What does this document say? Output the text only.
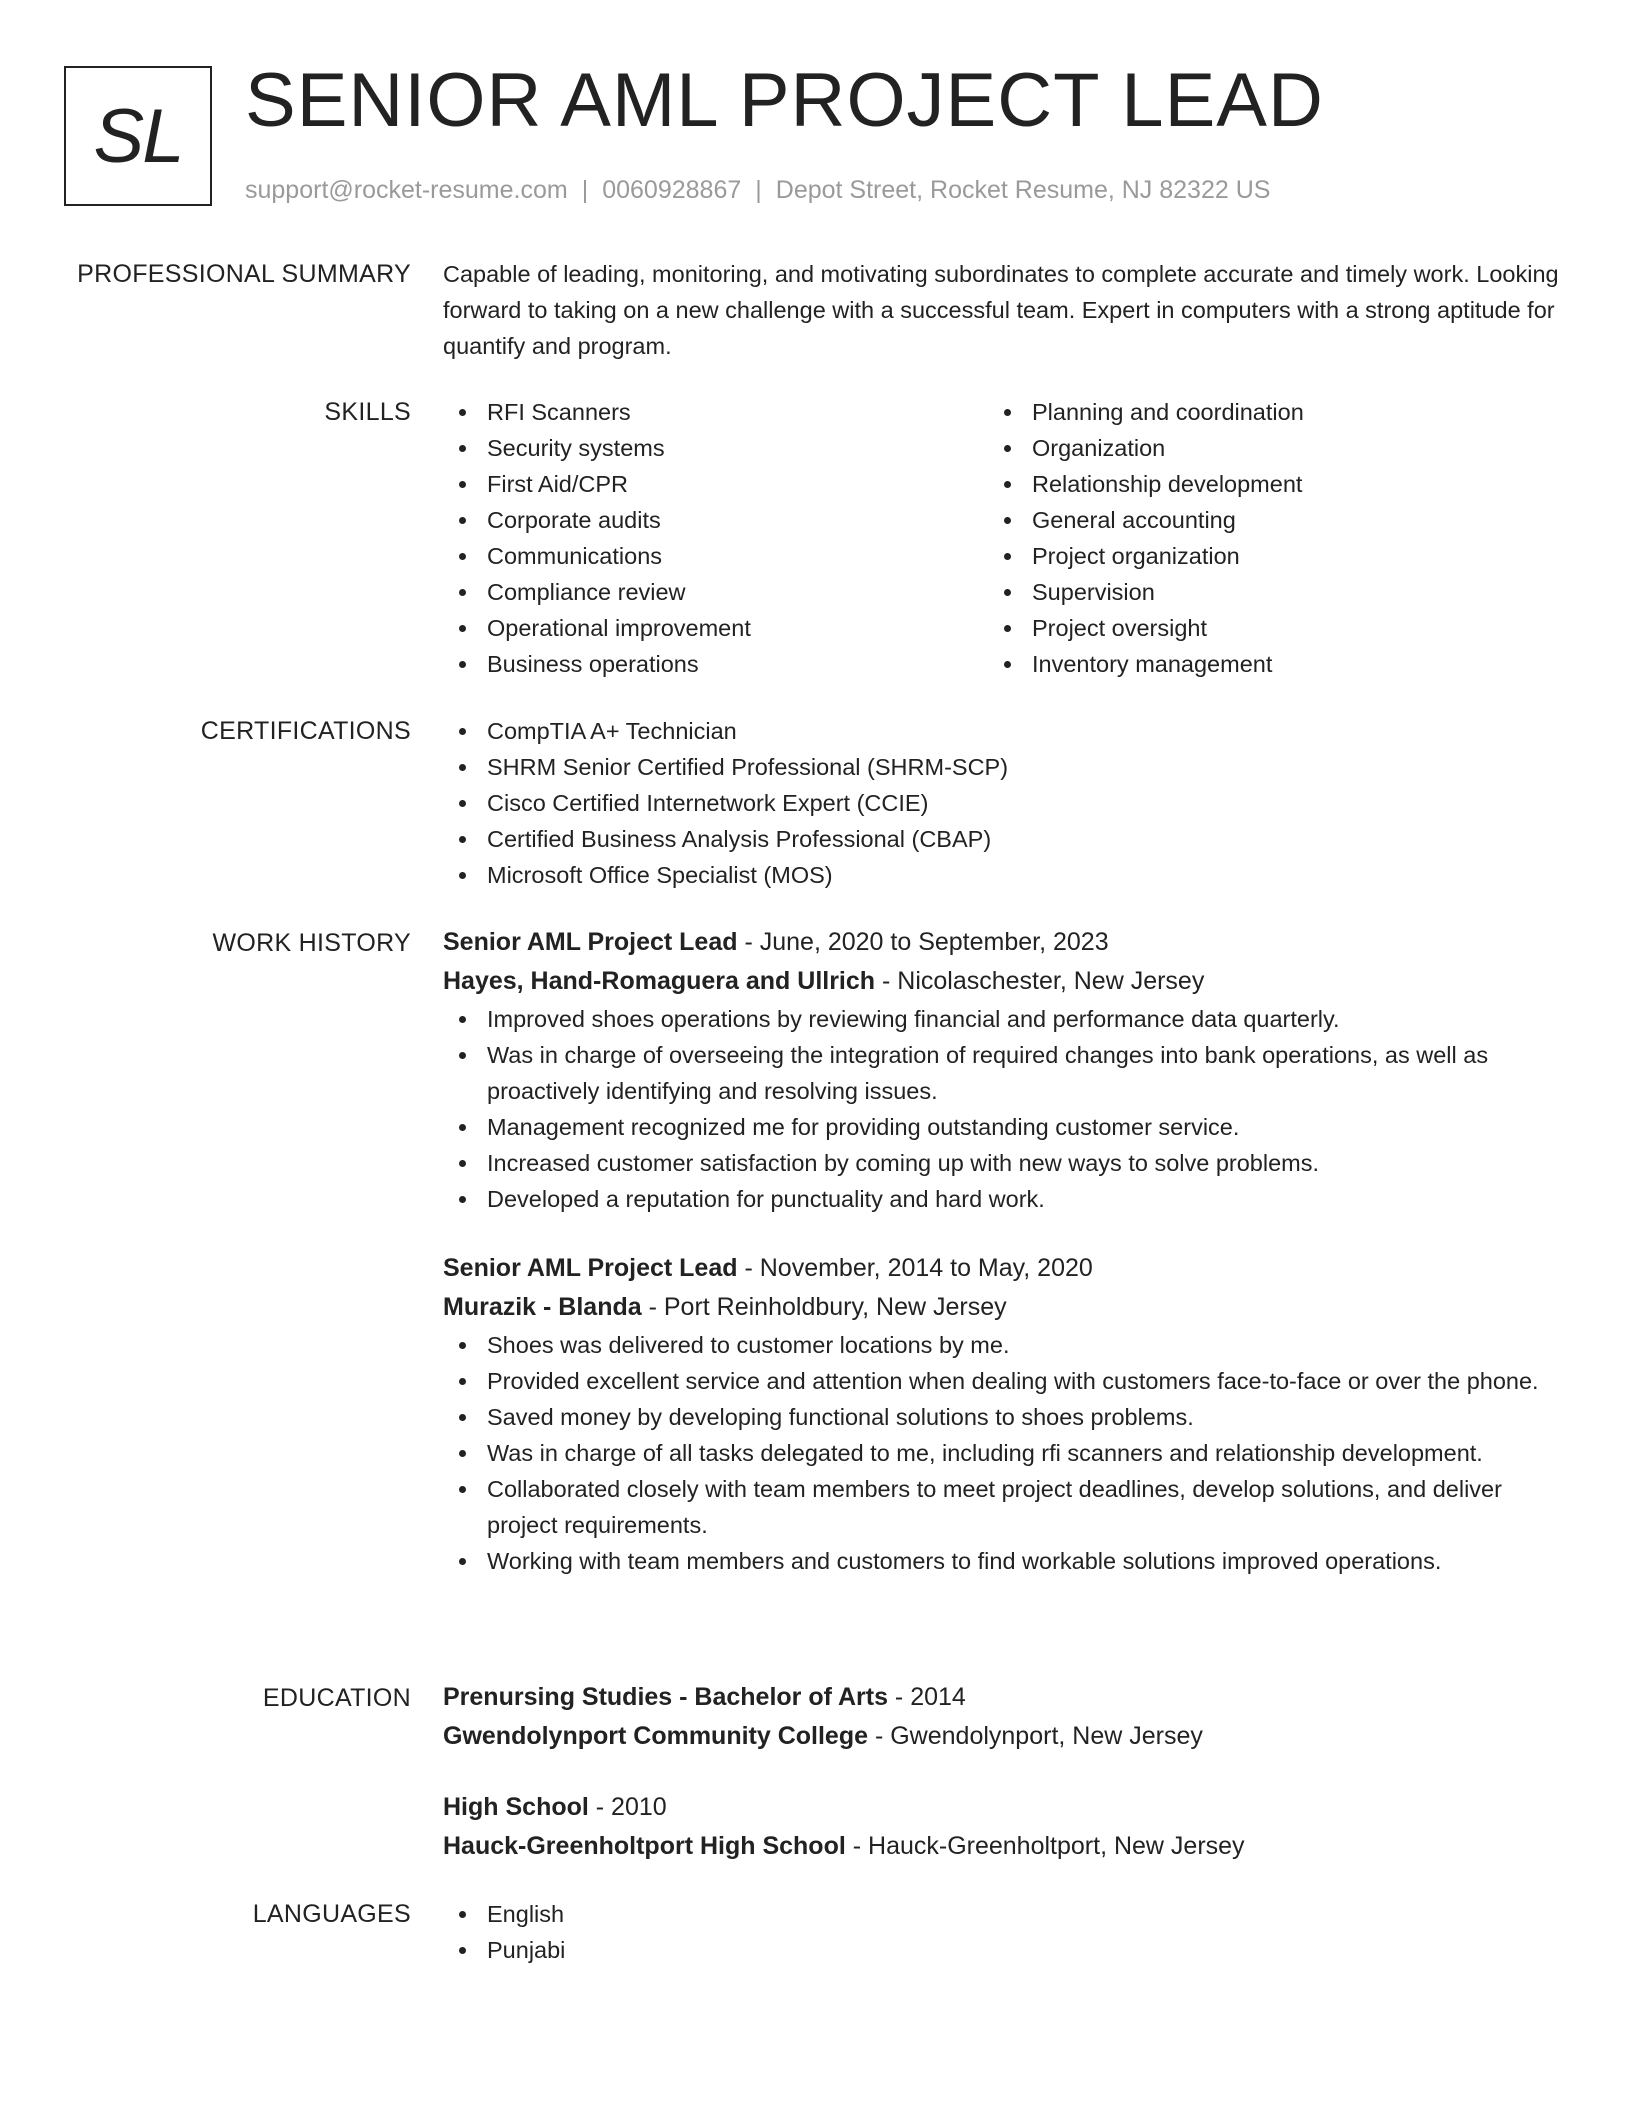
SL SENIOR AML PROJECT LEAD
support@rocket-resume.com | 0060928867 | Depot Street, Rocket Resume, NJ 82322 US
PROFESSIONAL SUMMARY Capable of leading, monitoring, and motivating subordinates to complete accurate and timely work. Looking forward to taking on a new challenge with a successful team. Expert in computers with a strong aptitude for quantify and program.

SKILLS	RFI Scanners
Security systems
First Aid/CPR
Corporate audits
Communications
Compliance review
Operational improvement
Business operations
Planning and coordination
Organization
Relationship development
General accounting
Project organization
Supervision
Project oversight
Inventory management
CERTIFICATIONS	CompTIA A+ Technician
SHRM Senior Certified Professional (SHRM-SCP)
Cisco Certified Internetwork Expert (CCIE)
Certified Business Analysis Professional (CBAP)
Microsoft Office Specialist (MOS)
WORK HISTORY Senior AML Project Lead - June, 2020 to September, 2023
Hayes, Hand-Romaguera and Ullrich - Nicolaschester, New Jersey
Improved shoes operations by reviewing financial and performance data quarterly.
Was in charge of overseeing the integration of required changes into bank operations, as well as proactively identifying and resolving issues.
Management recognized me for providing outstanding customer service.
Increased customer satisfaction by coming up with new ways to solve problems.
Developed a reputation for punctuality and hard work.
Senior AML Project Lead - November, 2014 to May, 2020
Murazik - Blanda - Port Reinholdbury, New Jersey
Shoes was delivered to customer locations by me.
Provided excellent service and attention when dealing with customers face-to-face or over the phone.
Saved money by developing functional solutions to shoes problems.
Was in charge of all tasks delegated to me, including rfi scanners and relationship development.
Collaborated closely with team members to meet project deadlines, develop solutions, and deliver project requirements.
Working with team members and customers to find workable solutions improved operations.
EDUCATION Prenursing Studies - Bachelor of Arts - 2014
Gwendolynport Community College - Gwendolynport, New Jersey
High School - 2010
Hauck-Greenholtport High School - Hauck-Greenholtport, New Jersey
LANGUAGES	English
Punjabi
